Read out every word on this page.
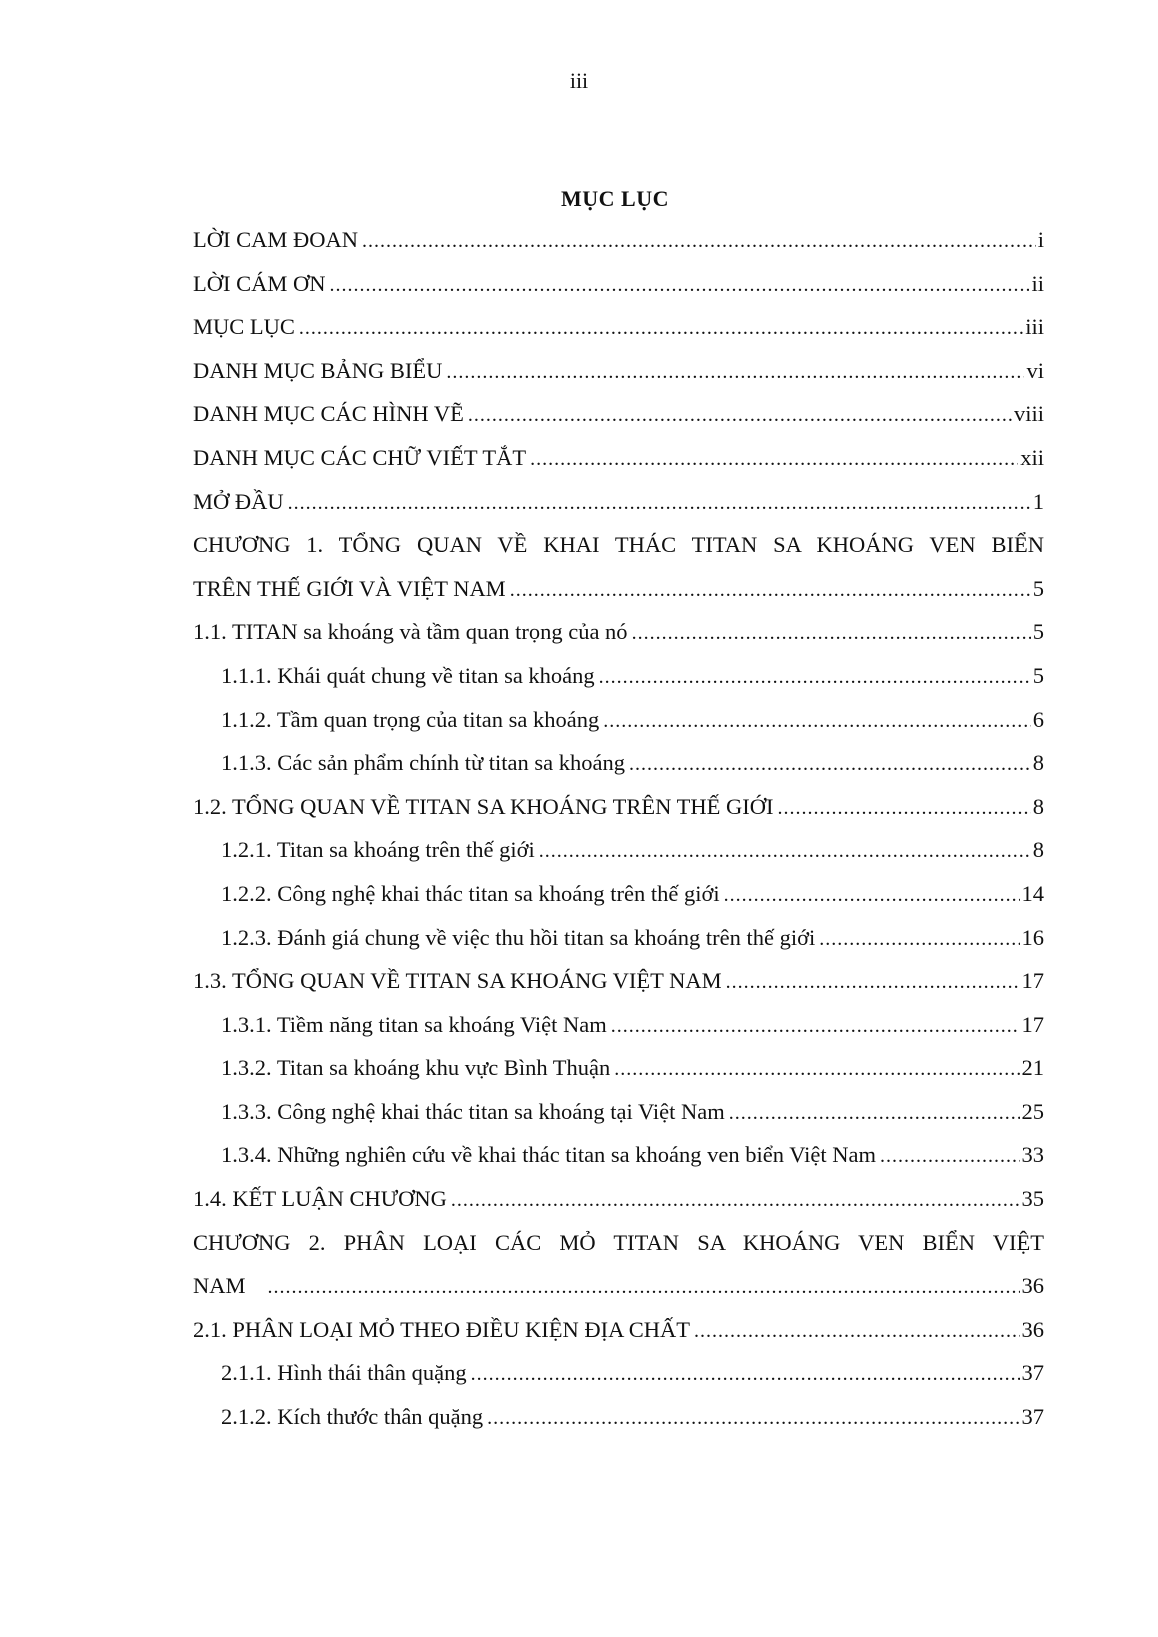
iii
MỤC LỤC
LỜI CAM ĐOAN .....	i
LỜI CÁM ƠN .....	ii
MỤC LỤC .....	iii
DANH MỤC BẢNG BIỂU .....	vi
DANH MỤC CÁC HÌNH VẼ .....	viii
DANH MỤC CÁC CHỮ VIẾT TẮT .....	xii
MỞ ĐẦU .....	1
CHƯƠNG 1. TỔNG QUAN VỀ KHAI THÁC TITAN SA KHOÁNG VEN BIỂN
TRÊN THẾ GIỚI VÀ VIỆT NAM .....	5
1.1. TITAN sa khoáng và tầm quan trọng của nó .....	5
1.1.1. Khái quát chung về titan sa khoáng .....	5
1.1.2. Tầm quan trọng của titan sa khoáng .....	6
1.1.3. Các sản phẩm chính từ titan sa khoáng .....	8
1.2. TỔNG QUAN VỀ TITAN SA KHOÁNG TRÊN THẾ GIỚI .....	8
1.2.1. Titan sa khoáng trên thế giới .....	8
1.2.2. Công nghệ khai thác titan sa khoáng trên thế giới .....	14
1.2.3. Đánh giá chung về việc thu hồi titan sa khoáng trên thế giới .....	16
1.3. TỔNG QUAN VỀ TITAN SA KHOÁNG VIỆT NAM .....	17
1.3.1. Tiềm năng titan sa khoáng Việt Nam .....	17
1.3.2. Titan sa khoáng khu vực Bình Thuận .....	21
1.3.3. Công nghệ khai thác titan sa khoáng tại Việt Nam .....	25
1.3.4. Những nghiên cứu về khai thác titan sa khoáng ven biển Việt Nam .....	33
1.4. KẾT LUẬN CHƯƠNG .....	35
CHƯƠNG 2. PHÂN LOẠI CÁC MỎ TITAN SA KHOÁNG VEN BIỂN VIỆT
NAM .....	36
2.1. PHÂN LOẠI MỎ THEO ĐIỀU KIỆN ĐỊA CHẤT .....	36
2.1.1. Hình thái thân quặng .....	37
2.1.2. Kích thước thân quặng .....	37
